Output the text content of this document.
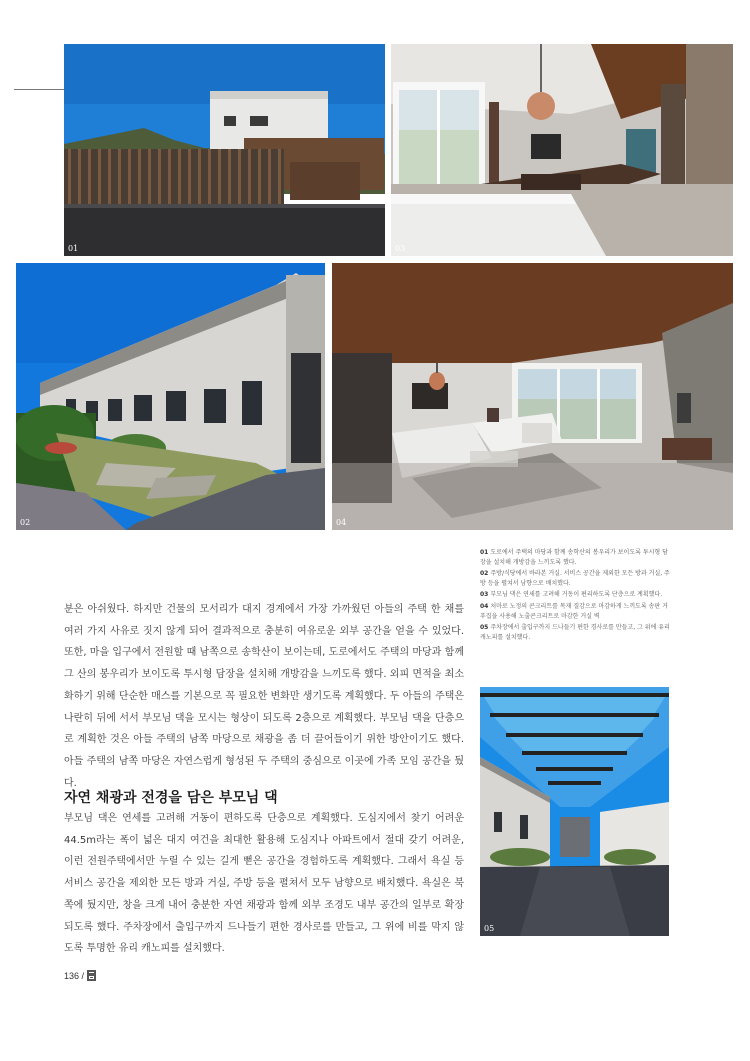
01	03
02	04
05

01 도로에서 주택의 마당과 함께 송학산의 봉우리가 보이도록 투시형 담장을 설치해 개방감을 느끼도록 했다.

02 주방/식당에서 바라본 거실. 서비스 공간을 제외한 모든 방과 거실, 주방 등을 펼쳐서 남향으로 배치했다.

03 부모님 댁은 연세를 고려해 거동이 편리하도록 단층으로 계획했다.

04 처마로 노정의 콘크리트를 목재 질감으로 마감하게 느끼도록 송판 거푸집을 사용해 노출콘크리트로 마감한 거실 벽

05 주차장에서 출입구까지 드나들기 편한 경사로를 만들고, 그 위에 유리 캐노피를 설치했다.

분은 아쉬웠다. 하지만 건물의 모서리가 대지 경계에서 가장 가까웠던 아들의 주택 한 채를 여러 가지 사유로 짓지 않게 되어 결과적으로 충분히 여유로운 외부 공간을 얻을 수 있었다. 또한, 마을 입구에서 전원할 때 남쪽으로 송학산이 보이는데, 도로에서도 주택의 마당과 함께 그 산의 봉우리가 보이도록 투시형 담장을 설치해 개방감을 느끼도록 했다. 외피 면적을 최소화하기 위해 단순한 매스를 기본으로 꼭 필요한 변화만 생기도록 계획했다. 두 아들의 주택은 나란히 뒤에 서서 부모님 댁을 모시는 형상이 되도록 2층으로 계획했다. 부모님 댁을 단층으로 계획한 것은 아들 주택의 남쪽 마당으로 채광을 좀 더 끌어들이기 위한 방안이기도 했다. 아들 주택의 남쪽 마당은 자연스럽게 형성된 두 주택의 중심으로 이곳에 가족 모임 공간을 뒀다.

자연 채광과 전경을 담은 부모님 댁

부모님 댁은 연세를 고려해 거동이 편하도록 단층으로 계획했다. 도심지에서 찾기 어려운 44.5m라는 폭이 넓은 대지 여건을 최대한 활용해 도심지나 아파트에서 절대 갖기 어려운, 이런 전원주택에서만 누릴 수 있는 길게 뻗은 공간을 경험하도록 계획했다. 그래서 욕실 등 서비스 공간을 제외한 모든 방과 거실, 주방 등을 펼쳐서 모두 남향으로 배치했다. 욕실은 북쪽에 뒀지만, 창을 크게 내어 충분한 자연 채광과 함께 외부 조경도 내부 공간의 일부로 확장되도록 했다. 주차장에서 출입구까지 드나들기 편한 경사로를 만들고, 그 위에 비를 막지 않도록 투명한 유리 캐노피를 설치했다.

136 /
